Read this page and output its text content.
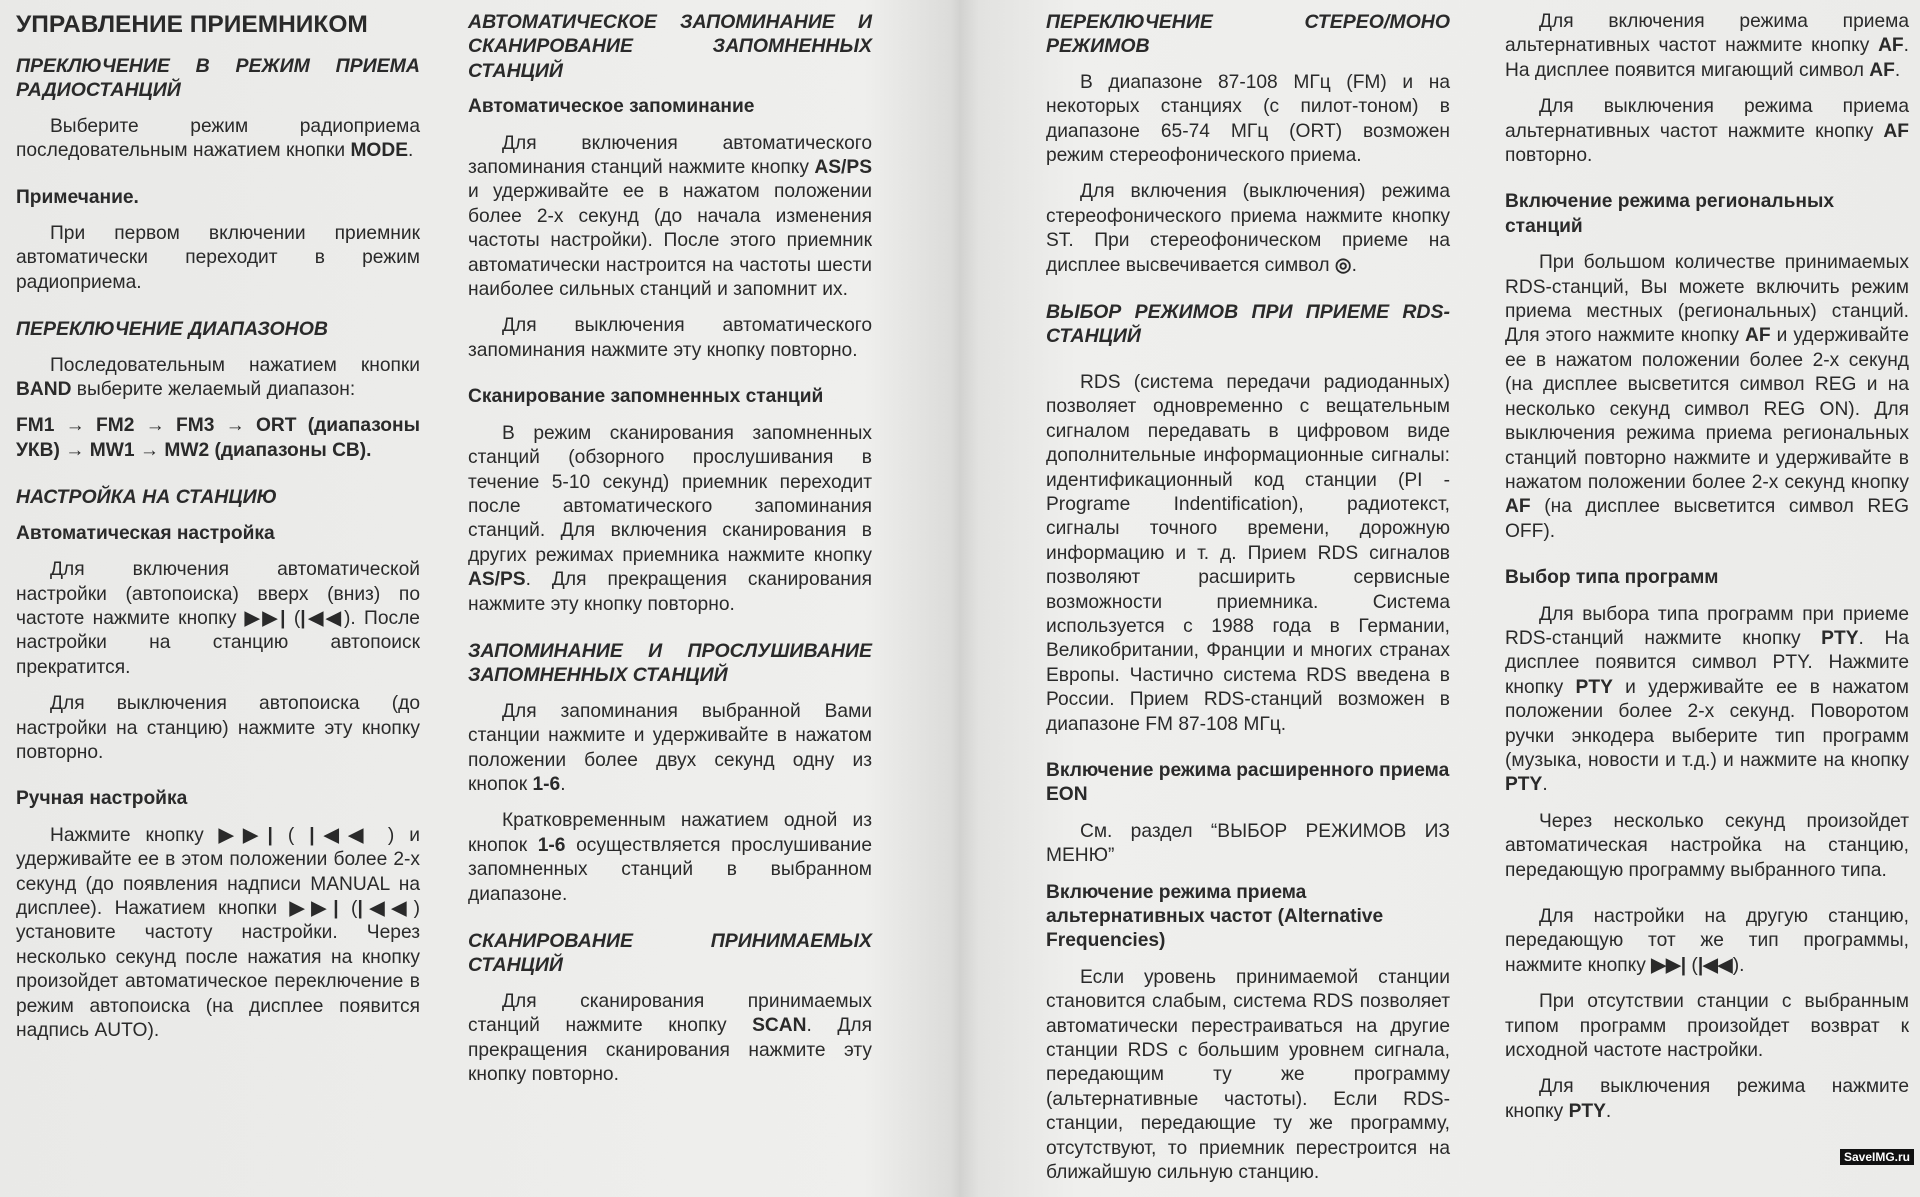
УПРАВЛЕНИЕ ПРИЕМНИКОМ
ПРЕКЛЮЧЕНИЕ В РЕЖИМ ПРИЕМА РАДИОСТАНЦИЙ
Выберите режим радиоприема последовательным нажатием кнопки MODE.
Примечание.
При первом включении приемник автоматически переходит в режим радиоприема.
ПЕРЕКЛЮЧЕНИЕ ДИАПАЗОНОВ
Последовательным нажатием кнопки BAND выберите желаемый диапазон:
FM1 → FM2 → FM3 → ORT (диапазоны УКВ) → MW1 → MW2 (диапазоны СВ).
НАСТРОЙКА НА СТАНЦИЮ
Автоматическая настройка
Для включения автоматической настройки (автопоиска) вверх (вниз) по частоте нажмите кнопку ▶▶| (|◀◀). После настройки на станцию автопоиск прекратится.
Для выключения автопоиска (до настройки на станцию) нажмите эту кнопку повторно.
Ручная настройка
Нажмите кнопку ▶▶| ( |◀◀ ) и удерживайте ее в этом положении более 2-х секунд (до появления надписи MANUAL на дисплее). Нажатием кнопки ▶▶| (|◀◀) установите частоту настройки. Через несколько секунд после нажатия на кнопку произойдет автоматическое переключение в режим автопоиска (на дисплее появится надпись AUTO).
АВТОМАТИЧЕСКОЕ ЗАПОМИНАНИЕ И СКАНИРОВАНИЕ ЗАПОМНЕННЫХ СТАНЦИЙ
Автоматическое запоминание
Для включения автоматического запоминания станций нажмите кнопку AS/PS и удерживайте ее в нажатом положении более 2-х секунд (до начала изменения частоты настройки). После этого приемник автоматически настроится на частоты шести наиболее сильных станций и запомнит их.
Для выключения автоматического запоминания нажмите эту кнопку повторно.
Сканирование запомненных станций
В режим сканирования запомненных станций (обзорного прослушивания в течение 5-10 секунд) приемник переходит после автоматического запоминания станций. Для включения сканирования в других режимах приемника нажмите кнопку AS/PS. Для прекращения сканирования нажмите эту кнопку повторно.
ЗАПОМИНАНИЕ И ПРОСЛУШИВАНИЕ ЗАПОМНЕННЫХ СТАНЦИЙ
Для запоминания выбранной Вами станции нажмите и удерживайте в нажатом положении более двух секунд одну из кнопок 1-6.
Кратковременным нажатием одной из кнопок 1-6 осуществляется прослушивание запомненных станций в выбранном диапазоне.
СКАНИРОВАНИЕ ПРИНИМАЕМЫХ СТАНЦИЙ
Для сканирования принимаемых станций нажмите кнопку SCAN. Для прекращения сканирования нажмите эту кнопку повторно.
ПЕРЕКЛЮЧЕНИЕ СТЕРЕО/МОНО РЕЖИМОВ
В диапазоне 87-108 МГц (FM) и на некоторых станциях (с пилот-тоном) в диапазоне 65-74 МГц (ORT) возможен режим стереофонического приема.
Для включения (выключения) режима стереофонического приема нажмите кнопку ST. При стереофоническом приеме на дисплее высвечивается символ ◎.
ВЫБОР РЕЖИМОВ ПРИ ПРИЕМЕ RDS-СТАНЦИЙ
RDS (система передачи радиоданных) позволяет одновременно с вещательным сигналом передавать в цифровом виде дополнительные информационные сигналы: идентификационный код станции (PI - Programe Indentification), радиотекст, сигналы точного времени, дорожную информацию и т. д. Прием RDS сигналов позволяют расширить сервисные возможности приемника. Система используется с 1988 года в Германии, Великобритании, Франции и многих странах Европы. Частично система RDS введена в России. Прием RDS-станций возможен в диапазоне FM 87-108 МГц.
Включение режима расширенного приема EON
См. раздел “ВЫБОР РЕЖИМОВ ИЗ МЕНЮ”
Включение режима приема альтернативных частот (Alternative Frequencies)
Если уровень принимаемой станции становится слабым, система RDS позволяет автоматически перестраиваться на другие станции RDS с большим уровнем сигнала, передающим ту же программу (альтернативные частоты). Если RDS-станции, передающие ту же программу, отсутствуют, то приемник перестроится на ближайшую сильную станцию.
Для включения режима приема альтернативных частот нажмите кнопку AF. На дисплее появится мигающий символ AF.
Для выключения режима приема альтернативных частот нажмите кнопку AF повторно.
Включение режима региональных станций
При большом количестве принимаемых RDS-станций, Вы можете включить режим приема местных (региональных) станций. Для этого нажмите кнопку AF и удерживайте ее в нажатом положении более 2-х секунд (на дисплее высветится символ REG и на несколько секунд символ REG ON). Для выключения режима приема региональных станций повторно нажмите и удерживайте в нажатом положении более 2-х секунд кнопку AF (на дисплее высветится символ REG OFF).
Выбор типа программ
Для выбора типа программ при приеме RDS-станций нажмите кнопку PTY. На дисплее появится символ PTY. Нажмите кнопку PTY и удерживайте ее в нажатом положении более 2-х секунд. Поворотом ручки энкодера выберите тип программ (музыка, новости и т.д.) и нажмите на кнопку PTY.
Через несколько секунд произойдет автоматическая настройка на станцию, передающую программу выбранного типа.
Для настройки на другую станцию, передающую тот же тип программы, нажмите кнопку ▶▶| (|◀◀).
При отсутствии станции с выбранным типом программ произойдет возврат к исходной частоте настройки.
Для выключения режима нажмите кнопку PTY.
SaveIMG.ru
